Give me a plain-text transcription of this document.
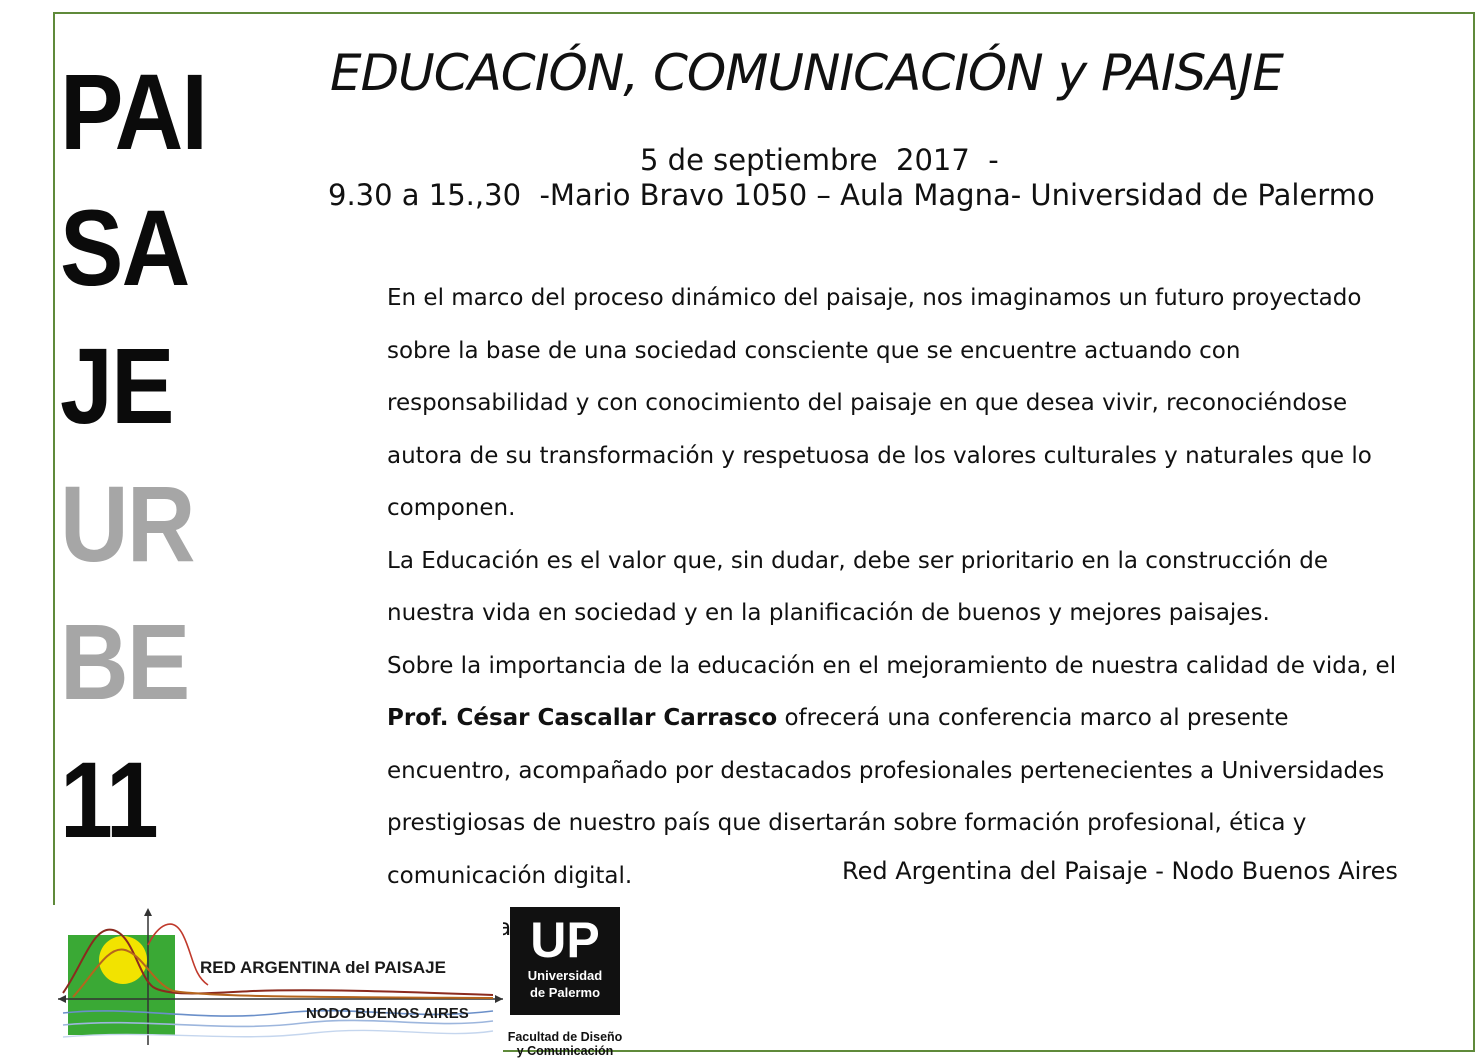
PAI
SA
JE
UR
BE
11
EDUCACIÓN, COMUNICACIÓN y PAISAJE
5 de septiembre  2017  -
9.30 a 15.,30  -Mario Bravo 1050 – Aula Magna- Universidad de Palermo

En el marco del proceso dinámico del paisaje, nos imaginamos un futuro proyectado sobre la base de una sociedad consciente que se encuentre actuando con responsabilidad y con conocimiento del paisaje en que desea vivir, reconociéndose autora de su transformación y respetuosa de los valores culturales y naturales que lo componen.

La Educación es el valor que, sin dudar, debe ser prioritario en la construcción de nuestra vida en sociedad y en la planificación de buenos y mejores paisajes.

Sobre la importancia de la educación en el mejoramiento de nuestra calidad de vida, el Prof. César Cascallar Carrasco ofrecerá una conferencia marco al presente encuentro, acompañado por destacados profesionales pertenecientes a Universidades prestigiosas de nuestro país que disertarán sobre formación profesional, ética y comunicación digital.	Red Argentina del Paisaje - Nodo Buenos Aires
RED ARGENTINA del PAISAJE
NODO BUENOS AIRES
UP
Universidad
de Palermo
Facultad de Diseño
y Comunicación
